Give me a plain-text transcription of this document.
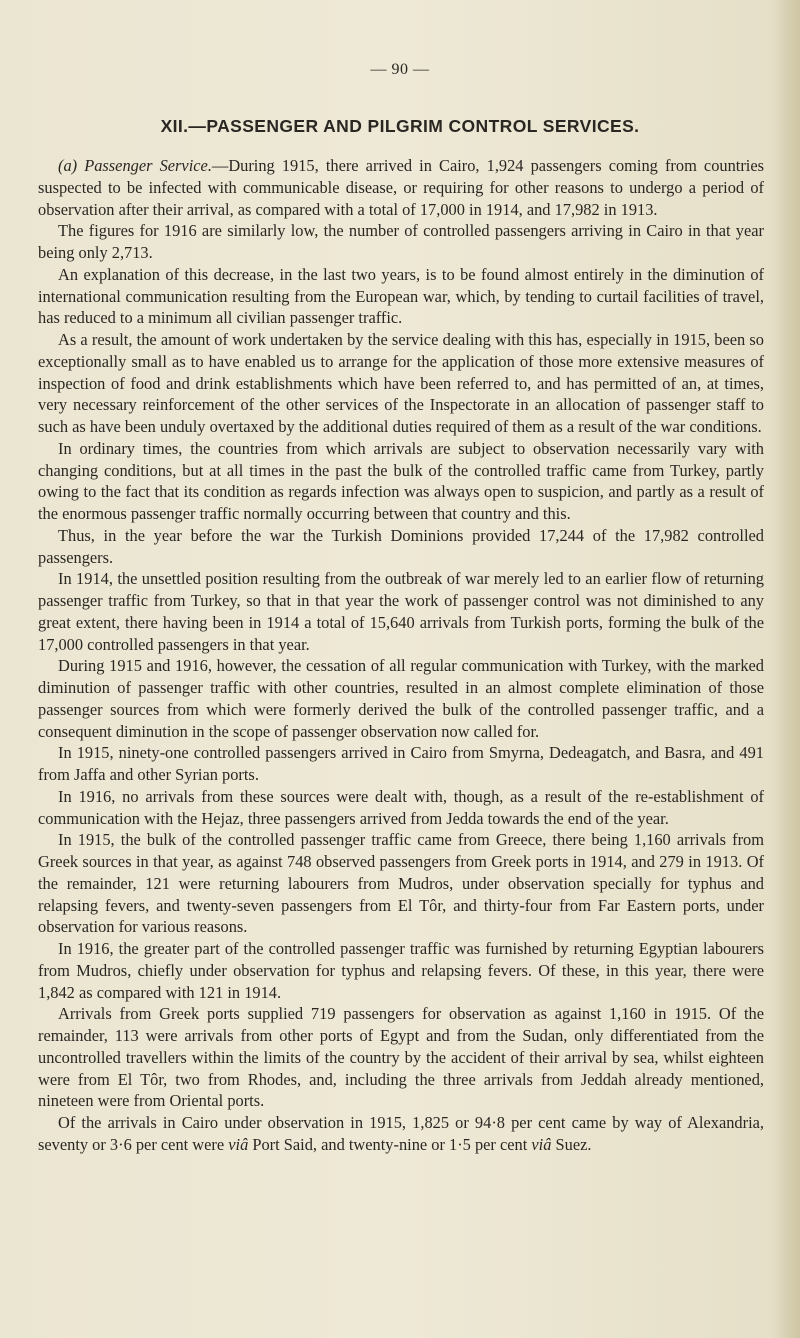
— 90 —
XII.—PASSENGER AND PILGRIM CONTROL SERVICES.

(a) Passenger Service.—During 1915, there arrived in Cairo, 1,924 passengers coming from countries suspected to be infected with communicable disease, or requiring for other reasons to undergo a period of observation after their arrival, as compared with a total of 17,000 in 1914, and 17,982 in 1913.

The figures for 1916 are similarly low, the number of controlled passengers arriving in Cairo in that year being only 2,713.

An explanation of this decrease, in the last two years, is to be found almost entirely in the diminution of international communication resulting from the European war, which, by tending to curtail facilities of travel, has reduced to a minimum all civilian passenger traffic.

As a result, the amount of work undertaken by the service dealing with this has, especially in 1915, been so exceptionally small as to have enabled us to arrange for the application of those more extensive measures of inspection of food and drink establishments which have been referred to, and has permitted of an, at times, very necessary reinforcement of the other services of the Inspectorate in an allocation of passenger staff to such as have been unduly overtaxed by the additional duties required of them as a result of the war conditions.

In ordinary times, the countries from which arrivals are subject to observation necessarily vary with changing conditions, but at all times in the past the bulk of the controlled traffic came from Turkey, partly owing to the fact that its condition as regards infection was always open to suspicion, and partly as a result of the enormous passenger traffic normally occurring between that country and this.

Thus, in the year before the war the Turkish Dominions provided 17,244 of the 17,982 controlled passengers.

In 1914, the unsettled position resulting from the outbreak of war merely led to an earlier flow of returning passenger traffic from Turkey, so that in that year the work of passenger control was not diminished to any great extent, there having been in 1914 a total of 15,640 arrivals from Turkish ports, forming the bulk of the 17,000 controlled passengers in that year.

During 1915 and 1916, however, the cessation of all regular communication with Turkey, with the marked diminution of passenger traffic with other countries, resulted in an almost complete elimination of those passenger sources from which were formerly derived the bulk of the controlled passenger traffic, and a consequent diminution in the scope of passenger observation now called for.

In 1915, ninety-one controlled passengers arrived in Cairo from Smyrna, Dedeagatch, and Basra, and 491 from Jaffa and other Syrian ports.

In 1916, no arrivals from these sources were dealt with, though, as a result of the re-establishment of communication with the Hejaz, three passengers arrived from Jedda towards the end of the year.

In 1915, the bulk of the controlled passenger traffic came from Greece, there being 1,160 arrivals from Greek sources in that year, as against 748 observed passengers from Greek ports in 1914, and 279 in 1913. Of the remainder, 121 were returning labourers from Mudros, under observation specially for typhus and relapsing fevers, and twenty-seven passengers from El Tôr, and thirty-four from Far Eastern ports, under observation for various reasons.

In 1916, the greater part of the controlled passenger traffic was furnished by returning Egyptian labourers from Mudros, chiefly under observation for typhus and relapsing fevers. Of these, in this year, there were 1,842 as compared with 121 in 1914.

Arrivals from Greek ports supplied 719 passengers for observation as against 1,160 in 1915. Of the remainder, 113 were arrivals from other ports of Egypt and from the Sudan, only differentiated from the uncontrolled travellers within the limits of the country by the accident of their arrival by sea, whilst eighteen were from El Tôr, two from Rhodes, and, including the three arrivals from Jeddah already mentioned, nineteen were from Oriental ports.

Of the arrivals in Cairo under observation in 1915, 1,825 or 94·8 per cent came by way of Alexandria, seventy or 3·6 per cent were viâ Port Said, and twenty-nine or 1·5 per cent viâ Suez.
